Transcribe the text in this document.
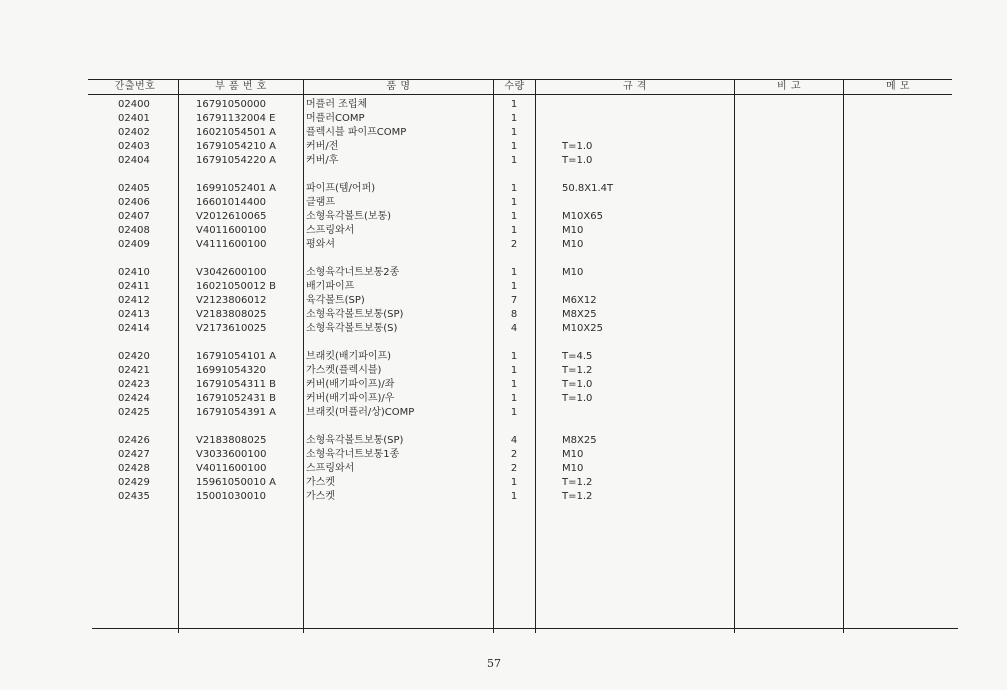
간출번호	부 품 번 호	품 명	수량	규 격	비 고	메 모
02400	16791050000	머플러 조립체	1
02401	16791132004 E	머플러COMP	1
02402	16021054501 A	플렉시블 파이프COMP	1
02403	16791054210 A	커버/전	1	T=1.0
02404	16791054220 A	커버/후	1	T=1.0
02405	16991052401 A	파이프(템/어퍼)	1	50.8X1.4T
02406	16601014400	클램프	1
02407	V2012610065	소형육각볼트(보통)	1	M10X65
02408	V4011600100	스프링와서	1	M10
02409	V4111600100	평와셔	2	M10
02410	V3042600100	소형육각너트보통2종	1	M10
02411	16021050012 B	배기파이프	1
02412	V2123806012	육각볼트(SP)	7	M6X12
02413	V2183808025	소형육각볼트보통(SP)	8	M8X25
02414	V2173610025	소형육각볼트보통(S)	4	M10X25
02420	16791054101 A	브래킷(배기파이프)	1	T=4.5
02421	16991054320	가스켓(플렉시블)	1	T=1.2
02423	16791054311 B	커버(배기파이프)/좌	1	T=1.0
02424	16791052431 B	커버(배기파이프)/우	1	T=1.0
02425	16791054391 A	브래킷(머플러/상)COMP	1
02426	V2183808025	소형육각볼트보통(SP)	4	M8X25
02427	V3033600100	소형육각너트보통1종	2	M10
02428	V4011600100	스프링와서	2	M10
02429	15961050010 A	가스켓	1	T=1.2
02435	15001030010	가스켓	1	T=1.2
57
